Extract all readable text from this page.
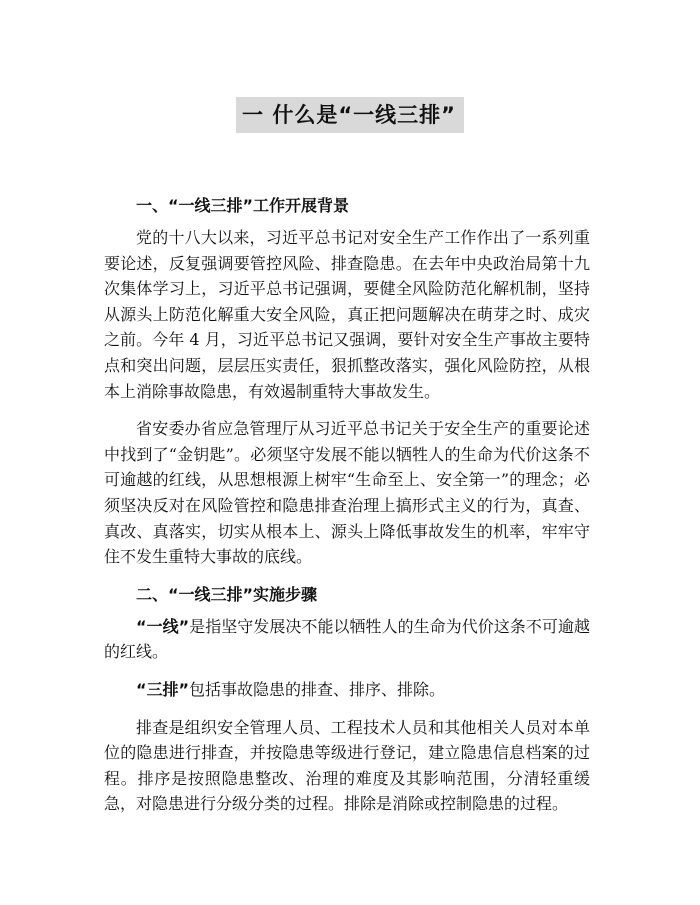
一 什么是“一线三排”
一、“一线三排”工作开展背景

党的十八大以来，习近平总书记对安全生产工作作出了一系列重要论述，反复强调要管控风险、排查隐患。在去年中央政治局第十九次集体学习上，习近平总书记强调，要健全风险防范化解机制，坚持从源头上防范化解重大安全风险，真正把问题解决在萌芽之时、成灾之前。今年 4 月，习近平总书记又强调，要针对安全生产事故主要特点和突出问题，层层压实责任，狠抓整改落实，强化风险防控，从根本上消除事故隐患，有效遏制重特大事故发生。

省安委办省应急管理厅从习近平总书记关于安全生产的重要论述中找到了“金钥匙”。必须坚守发展不能以牺牲人的生命为代价这条不可逾越的红线，从思想根源上树牢“生命至上、安全第一”的理念；必须坚决反对在风险管控和隐患排查治理上搞形式主义的行为，真查、真改、真落实，切实从根本上、源头上降低事故发生的机率，牢牢守住不发生重特大事故的底线。

二、“一线三排”实施步骤

“一线”是指坚守发展决不能以牺牲人的生命为代价这条不可逾越的红线。

“三排”包括事故隐患的排查、排序、排除。

排查是组织安全管理人员、工程技术人员和其他相关人员对本单位的隐患进行排查，并按隐患等级进行登记，建立隐患信息档案的过程。排序是按照隐患整改、治理的难度及其影响范围，分清轻重缓急，对隐患进行分级分类的过程。排除是消除或控制隐患的过程。
